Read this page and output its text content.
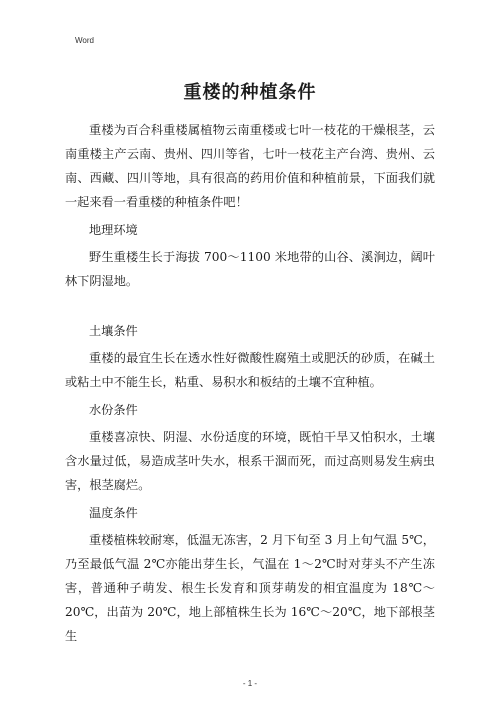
Word
重楼的种植条件

重楼为百合科重楼属植物云南重楼或七叶一枝花的干燥根茎，云南重楼主产云南、贵州、四川等省，七叶一枝花主产台湾、贵州、云南、西藏、四川等地，具有很高的药用价值和种植前景，下面我们就一起来看一看重楼的种植条件吧！

地理环境

野生重楼生长于海拔 700～1100 米地带的山谷、溪涧边，阔叶林下阴湿地。

土壤条件

重楼的最宜生长在透水性好微酸性腐殖土或肥沃的砂质，在碱土或粘土中不能生长，粘重、易积水和板结的土壤不宜种植。

水份条件

重楼喜凉快、阴湿、水份适度的环境，既怕干旱又怕积水，土壤含水量过低，易造成茎叶失水，根系干涸而死，而过高则易发生病虫害，根茎腐烂。

温度条件

重楼植株较耐寒，低温无冻害，2 月下旬至 3 月上旬气温 5℃，乃至最低气温 2℃亦能出芽生长，气温在 1～2℃时对芽头不产生冻害，普通种子萌发、根生长发育和顶芽萌发的相宜温度为 18℃～20℃，出苗为 20℃，地上部植株生长为 16℃～20℃，地下部根茎生

- 1 -
